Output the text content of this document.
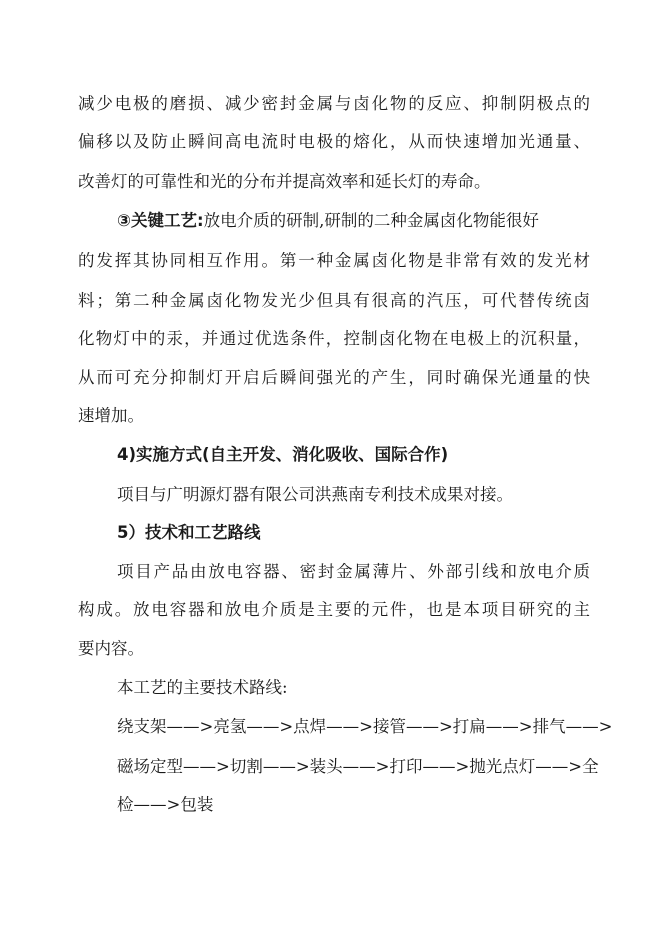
减少电极的磨损、减少密封金属与卤化物的反应、抑制阴极点的
偏移以及防止瞬间高电流时电极的熔化，从而快速增加光通量、
改善灯的可靠性和光的分布并提高效率和延长灯的寿命。
③关键工艺:放电介质的研制,研制的二种金属卤化物能很好
的发挥其协同相互作用。第一种金属卤化物是非常有效的发光材
料；第二种金属卤化物发光少但具有很高的汽压，可代替传统卤
化物灯中的汞，并通过优选条件，控制卤化物在电极上的沉积量，
从而可充分抑制灯开启后瞬间强光的产生，同时确保光通量的快
速增加。
4)实施方式(自主开发、消化吸收、国际合作)
项目与广明源灯器有限公司洪燕南专利技术成果对接。
5）技术和工艺路线
项目产品由放电容器、密封金属薄片、外部引线和放电介质
构成。放电容器和放电介质是主要的元件，也是本项目研究的主
要内容。
本工艺的主要技术路线:
绕支架——>亮氢——>点焊——>接管——>打扁——>排气——>
磁场定型——>切割——>装头——>打印——>抛光点灯——>全
检——>包装
